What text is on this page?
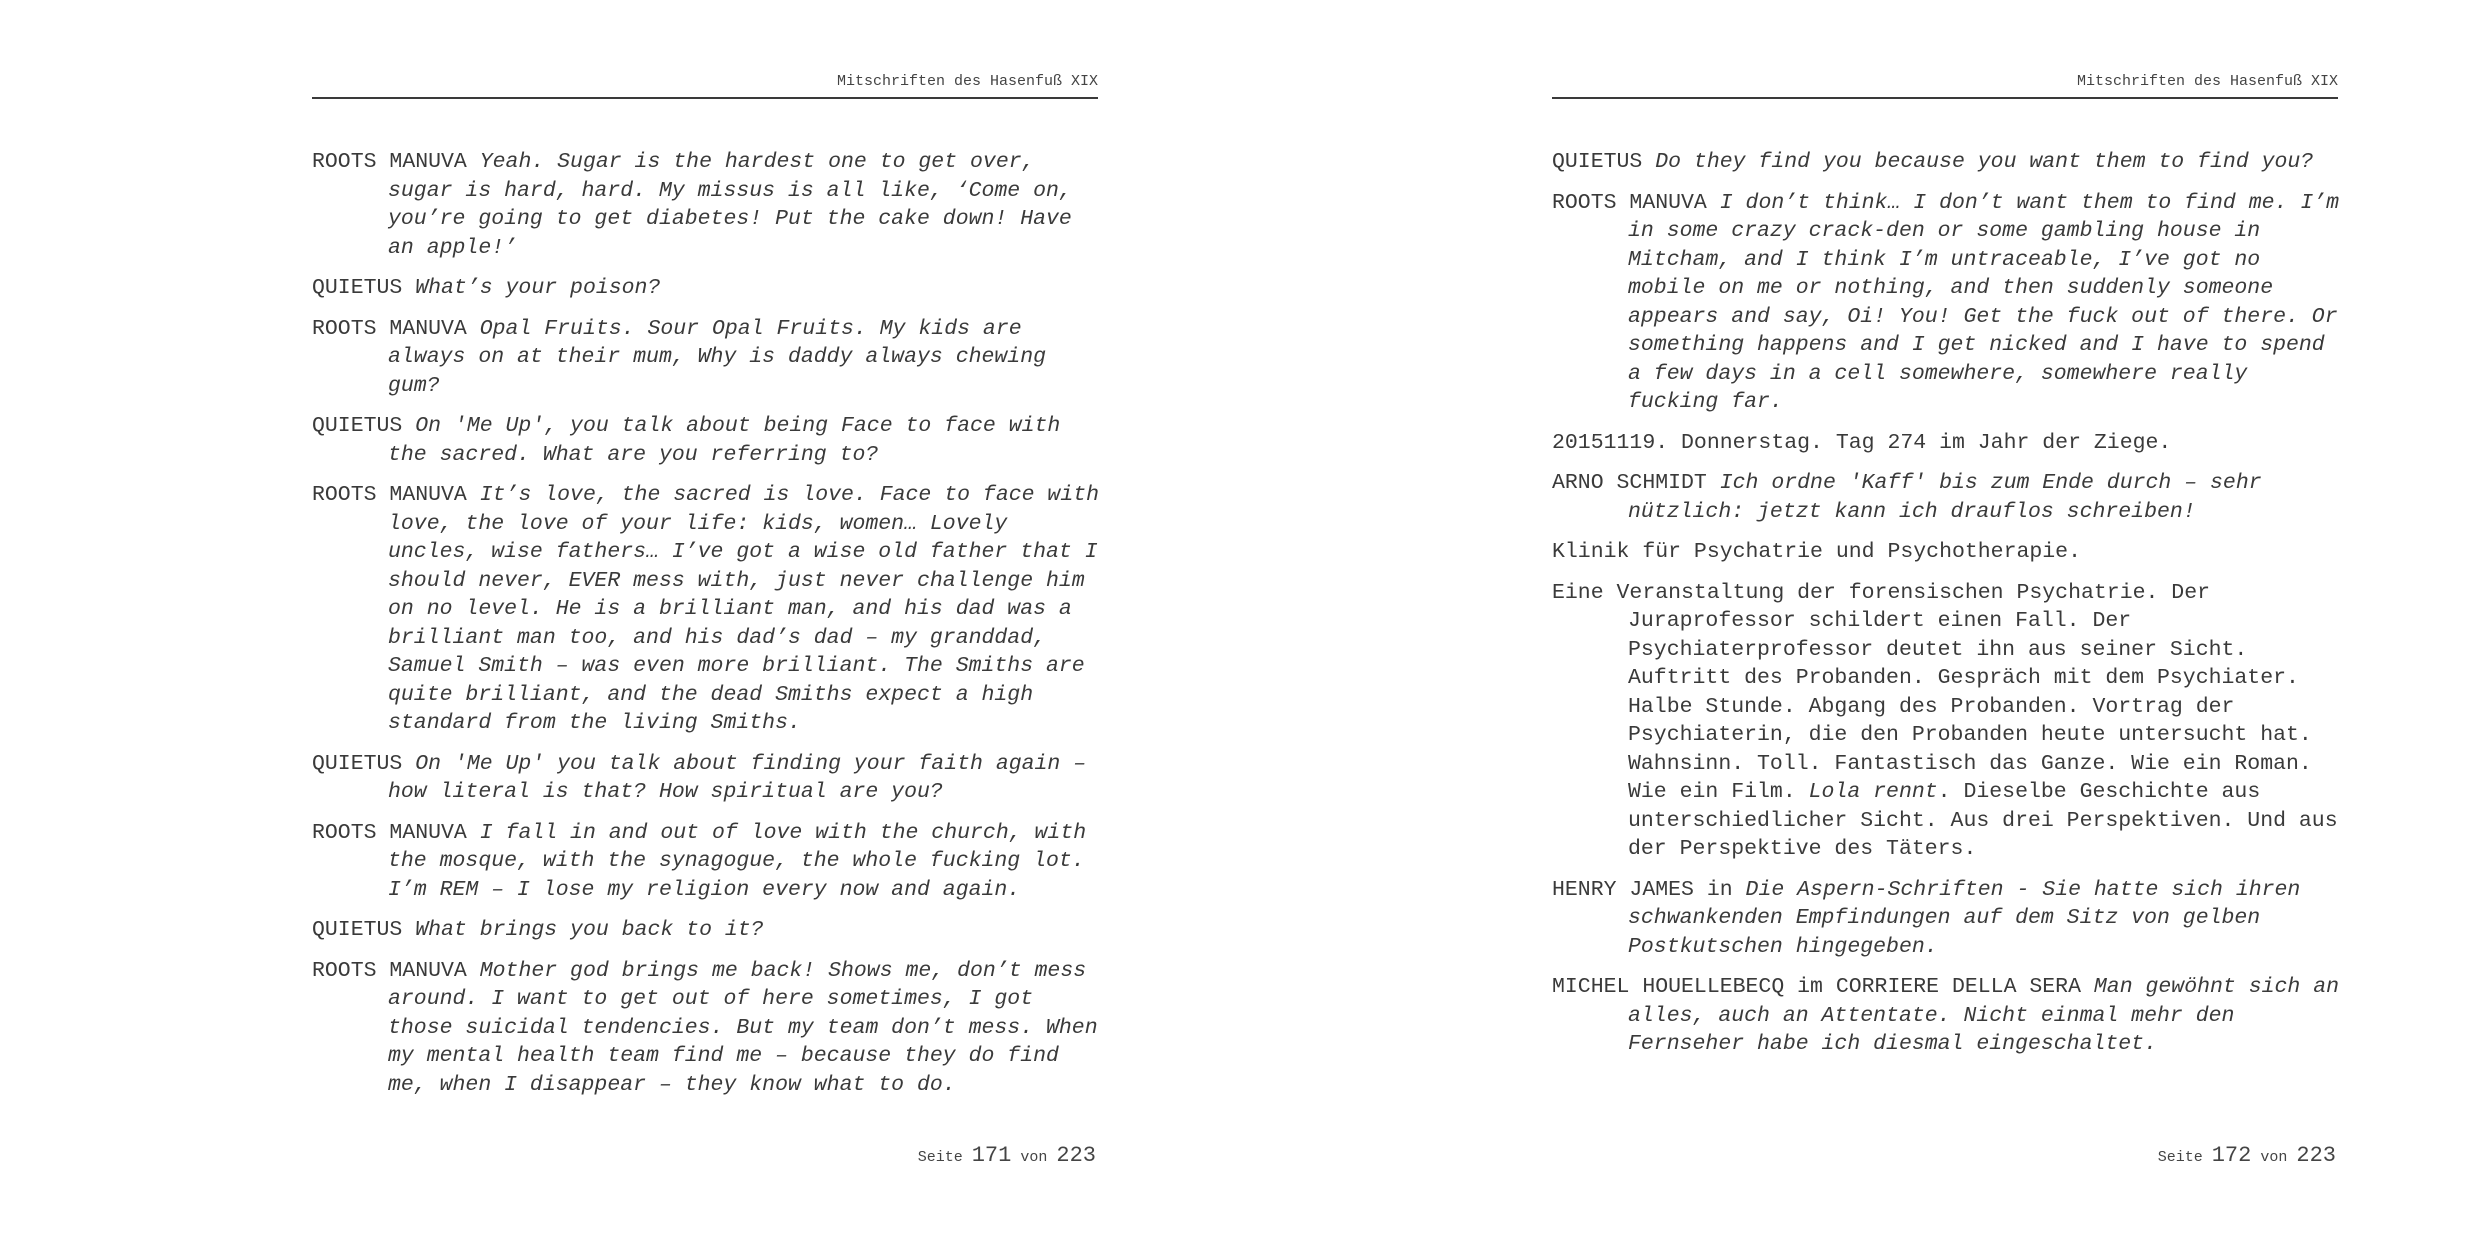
Mitschriften des Hasenfuß XIX

ROOTS MANUVA Yeah. Sugar is the hardest one to get over, sugar is hard, hard. My missus is all like, ‘Come on, you’re going to get diabetes! Put the cake down! Have an apple!’

QUIETUS What’s your poison?

ROOTS MANUVA Opal Fruits. Sour Opal Fruits. My kids are always on at their mum, Why is daddy always chewing gum?

QUIETUS On 'Me Up', you talk about being Face to face with the sacred. What are you referring to?

ROOTS MANUVA It’s love, the sacred is love. Face to face with love, the love of your life: kids, women… Lovely uncles, wise fathers… I’ve got a wise old father that I should never, EVER mess with, just never challenge him on no level. He is a brilliant man, and his dad was a brilliant man too, and his dad’s dad – my granddad, Samuel Smith – was even more brilliant. The Smiths are quite brilliant, and the dead Smiths expect a high standard from the living Smiths.

QUIETUS On 'Me Up' you talk about finding your faith again – how literal is that? How spiritual are you?

ROOTS MANUVA I fall in and out of love with the church, with the mosque, with the synagogue, the whole fucking lot. I’m REM – I lose my religion every now and again.

QUIETUS What brings you back to it?

ROOTS MANUVA Mother god brings me back! Shows me, don’t mess around. I want to get out of here sometimes, I got those suicidal tendencies. But my team don’t mess. When my mental health team find me – because they do find me, when I disappear – they know what to do.

Seite 171 von 223
Mitschriften des Hasenfuß XIX

QUIETUS Do they find you because you want them to find you?

ROOTS MANUVA I don’t think… I don’t want them to find me. I’m in some crazy crack-den or some gambling house in Mitcham, and I think I’m untraceable, I’ve got no mobile on me or nothing, and then suddenly someone appears and say, Oi! You! Get the fuck out of there. Or something happens and I get nicked and I have to spend a few days in a cell somewhere, somewhere really fucking far.

20151119. Donnerstag. Tag 274 im Jahr der Ziege.

ARNO SCHMIDT Ich ordne 'Kaff' bis zum Ende durch – sehr nützlich: jetzt kann ich drauflos schreiben!

Klinik für Psychatrie und Psychotherapie.

Eine Veranstaltung der forensischen Psychatrie. Der Juraprofessor schildert einen Fall. Der Psychiaterprofessor deutet ihn aus seiner Sicht. Auftritt des Probanden. Gespräch mit dem Psychiater. Halbe Stunde. Abgang des Probanden. Vortrag der Psychiaterin, die den Probanden heute untersucht hat. Wahnsinn. Toll. Fantastisch das Ganze. Wie ein Roman. Wie ein Film. Lola rennt. Dieselbe Geschichte aus unterschiedlicher Sicht. Aus drei Perspektiven. Und aus der Perspektive des Täters.

HENRY JAMES in Die Aspern-Schriften - Sie hatte sich ihren schwankenden Empfindungen auf dem Sitz von gelben Postkutschen hingegeben.

MICHEL HOUELLEBECQ im CORRIERE DELLA SERA Man gewöhnt sich an alles, auch an Attentate. Nicht einmal mehr den Fernseher habe ich diesmal eingeschaltet.

Seite 172 von 223
